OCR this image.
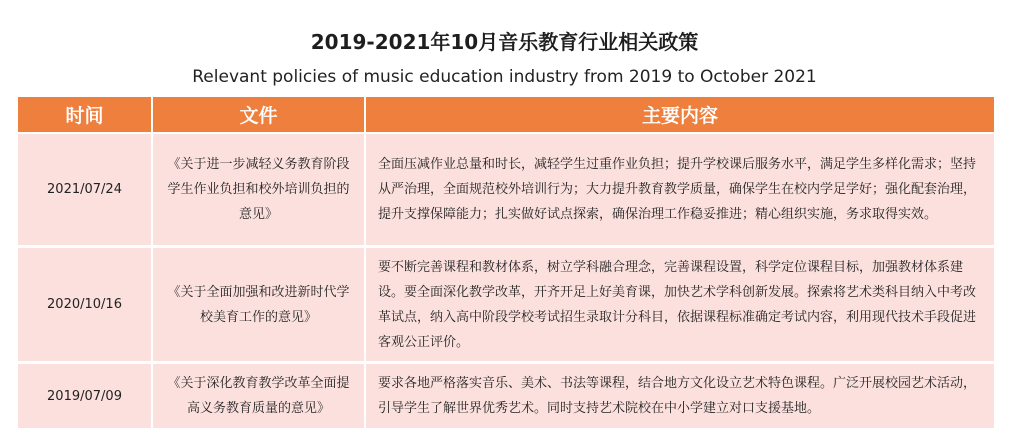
2019-2021年10月音乐教育行业相关政策
Relevant policies of music education industry from 2019 to October 2021
时间	文件	主要内容
2021/07/24	《关于进一步减轻义务教育阶段学生作业负担和校外培训负担的意见》	全面压减作业总量和时长，减轻学生过重作业负担；提升学校课后服务水平，满足学生多样化需求；坚持从严治理，全面规范校外培训行为；大力提升教育教学质量，确保学生在校内学足学好；强化配套治理，提升支撑保障能力；扎实做好试点探索，确保治理工作稳妥推进；精心组织实施，务求取得实效。
2020/10/16	《关于全面加强和改进新时代学校美育工作的意见》	要不断完善课程和教材体系，树立学科融合理念，完善课程设置，科学定位课程目标，加强教材体系建设。要全面深化教学改革，开齐开足上好美育课，加快艺术学科创新发展。探索将艺术类科目纳入中考改革试点，纳入高中阶段学校考试招生录取计分科目，依据课程标准确定考试内容，利用现代技术手段促进客观公正评价。
2019/07/09	《关于深化教育教学改革全面提高义务教育质量的意见》	要求各地严格落实音乐、美术、书法等课程，结合地方文化设立艺术特色课程。广泛开展校园艺术活动，引导学生了解世界优秀艺术。同时支持艺术院校在中小学建立对口支援基地。
